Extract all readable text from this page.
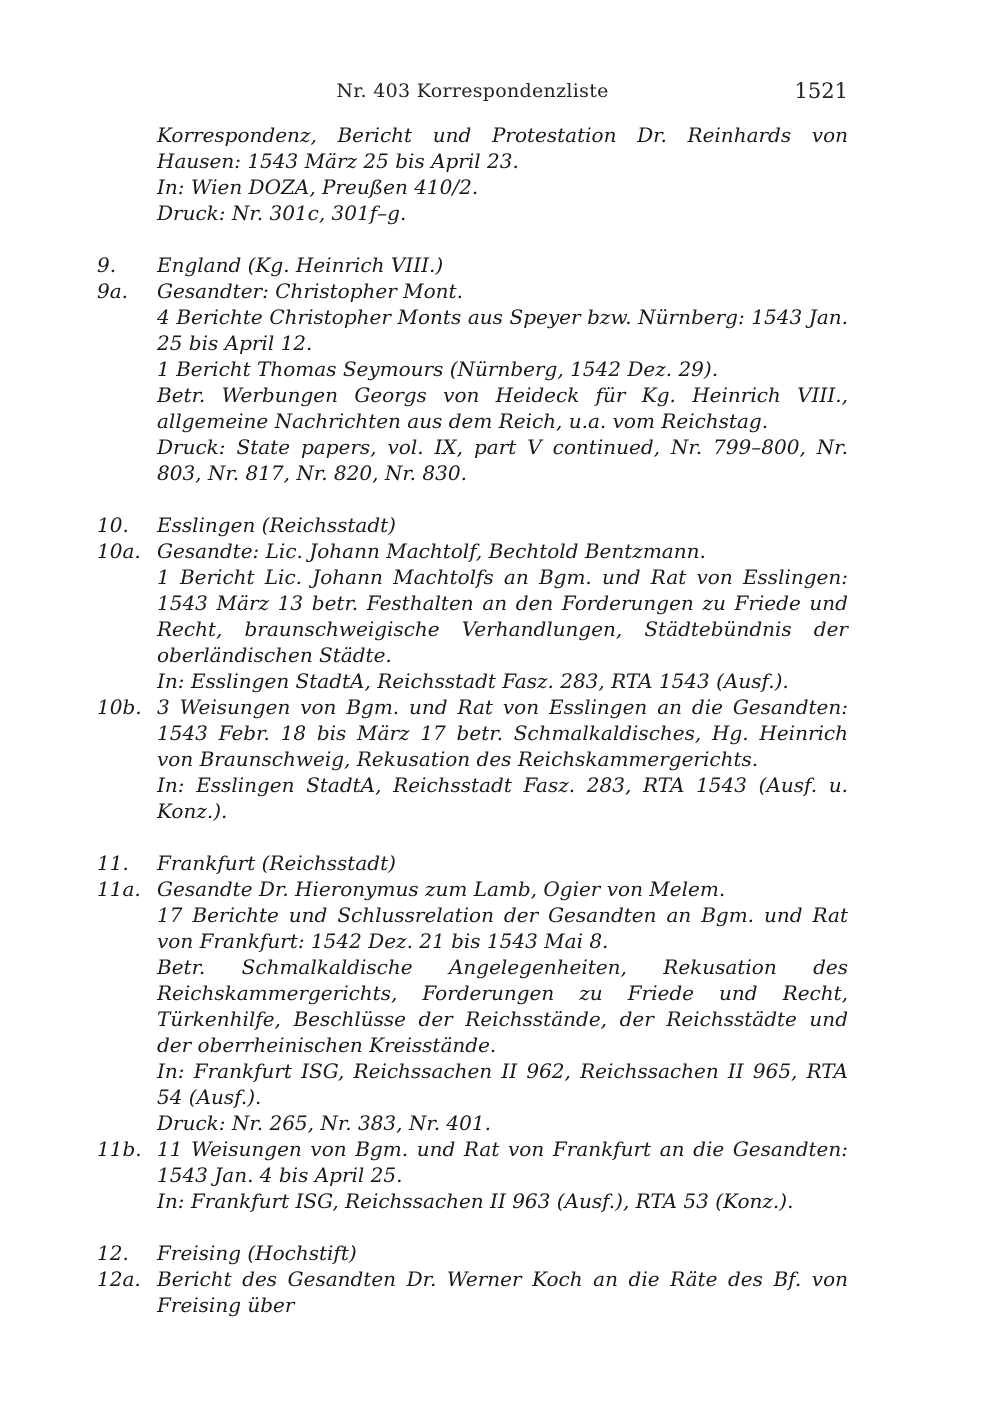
Nr. 403 Korrespondenzliste	1521

Korrespondenz, Bericht und Protestation Dr. Reinhards von Hausen: 1543 März 25 bis April 23.

In: Wien DOZA, Preußen 410/2.

Druck: Nr. 301c, 301f–g.

9.	England (Kg. Heinrich VIII.)

9a.	Gesandter: Christopher Mont.

4 Berichte Christopher Monts aus Speyer bzw. Nürnberg: 1543 Jan. 25 bis April 12.

1 Bericht Thomas Seymours (Nürnberg, 1542 Dez. 29).

Betr. Werbungen Georgs von Heideck für Kg. Heinrich VIII., allgemeine Nachrichten aus dem Reich, u.a. vom Reichstag.

Druck: State papers, vol. IX, part V continued, Nr. 799–800, Nr. 803, Nr. 817, Nr. 820, Nr. 830.

10.	Esslingen (Reichsstadt)

10a. Gesandte: Lic. Johann Machtolf, Bechtold Bentzmann.

1 Bericht Lic. Johann Machtolfs an Bgm. und Rat von Esslingen: 1543 März 13 betr. Festhalten an den Forderungen zu Friede und Recht, braunschweigische Verhandlungen, Städtebündnis der oberländischen Städte.

In: Esslingen StadtA, Reichsstadt Fasz. 283, RTA 1543 (Ausf.).

10b. 3 Weisungen von Bgm. und Rat von Esslingen an die Gesandten: 1543 Febr. 18 bis März 17 betr. Schmalkaldisches, Hg. Heinrich von Braunschweig, Rekusation des Reichskammergerichts.

In: Esslingen StadtA, Reichsstadt Fasz. 283, RTA 1543 (Ausf. u. Konz.).

11.	Frankfurt (Reichsstadt)

11a. Gesandte Dr. Hieronymus zum Lamb, Ogier von Melem.

17 Berichte und Schlussrelation der Gesandten an Bgm. und Rat von Frankfurt: 1542 Dez. 21 bis 1543 Mai 8.

Betr. Schmalkaldische Angelegenheiten, Rekusation des Reichskammergerichts, Forderungen zu Friede und Recht, Türkenhilfe, Beschlüsse der Reichsstände, der Reichsstädte und der oberrheinischen Kreisstände.

In: Frankfurt ISG, Reichssachen II 962, Reichssachen II 965, RTA 54 (Ausf.).

Druck: Nr. 265, Nr. 383, Nr. 401.

11b. 11 Weisungen von Bgm. und Rat von Frankfurt an die Gesandten: 1543 Jan. 4 bis April 25.

In: Frankfurt ISG, Reichssachen II 963 (Ausf.), RTA 53 (Konz.).

12.	Freising (Hochstift)

12a. Bericht des Gesandten Dr. Werner Koch an die Räte des Bf. von Freising über
